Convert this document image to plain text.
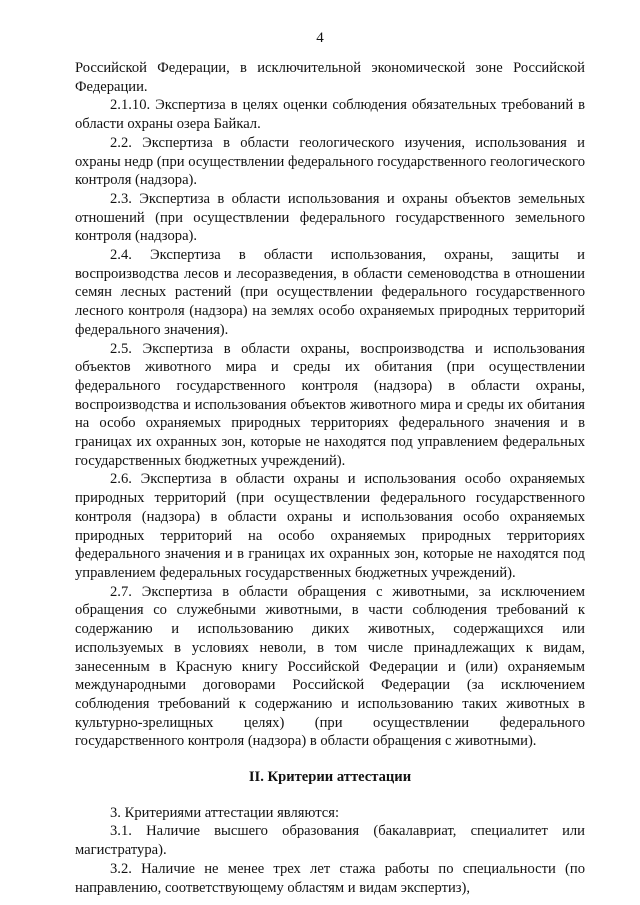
4

Российской Федерации, в исключительной экономической зоне Российской Федерации.

2.1.10. Экспертиза в целях оценки соблюдения обязательных требований в области охраны озера Байкал.

2.2. Экспертиза в области геологического изучения, использования и охраны недр (при осуществлении федерального государственного геологического контроля (надзора).

2.3. Экспертиза в области использования и охраны объектов земельных отношений (при осуществлении федерального государственного земельного контроля (надзора).

2.4. Экспертиза в области использования, охраны, защиты и воспроизводства лесов и лесоразведения, в области семеноводства в отношении семян лесных растений (при осуществлении федерального государственного лесного контроля (надзора) на землях особо охраняемых природных территорий федерального значения).

2.5. Экспертиза в области охраны, воспроизводства и использования объектов животного мира и среды их обитания (при осуществлении федерального государственного контроля (надзора) в области охраны, воспроизводства и использования объектов животного мира и среды их обитания на особо охраняемых природных территориях федерального значения и в границах их охранных зон, которые не находятся под управлением федеральных государственных бюджетных учреждений).

2.6. Экспертиза в области охраны и использования особо охраняемых природных территорий (при осуществлении федерального государственного контроля (надзора) в области охраны и использования особо охраняемых природных территорий на особо охраняемых природных территориях федерального значения и в границах их охранных зон, которые не находятся под управлением федеральных государственных бюджетных учреждений).

2.7. Экспертиза в области обращения с животными, за исключением обращения со служебными животными, в части соблюдения требований к содержанию и использованию диких животных, содержащихся или используемых в условиях неволи, в том числе принадлежащих к видам, занесенным в Красную книгу Российской Федерации и (или) охраняемым международными договорами Российской Федерации (за исключением соблюдения требований к содержанию и использованию таких животных в культурно-зрелищных целях) (при осуществлении федерального государственного контроля (надзора) в области обращения с животными).

II. Критерии аттестации

3. Критериями аттестации являются:

3.1. Наличие высшего образования (бакалавриат, специалитет или магистратура).

3.2. Наличие не менее трех лет стажа работы по специальности (по направлению, соответствующему областям и видам экспертиз),
